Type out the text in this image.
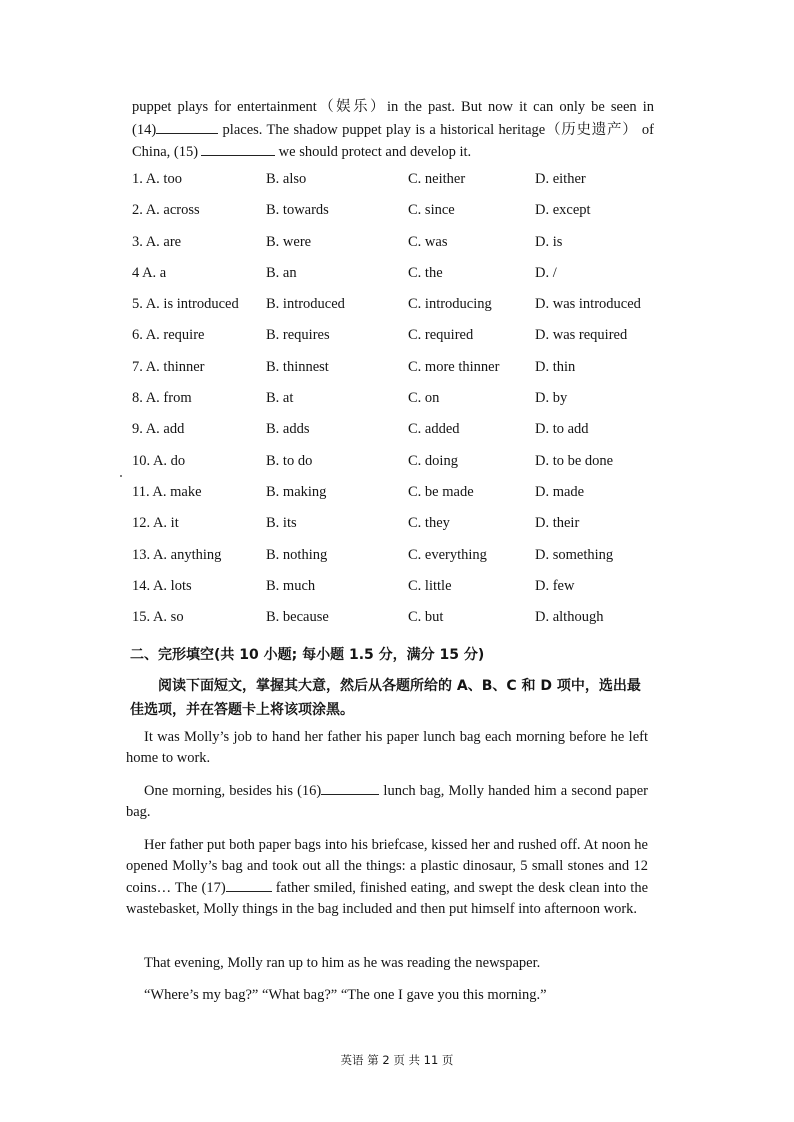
puppet plays for entertainment（娱乐）in the past. But now it can only be seen in
(14)	places. The shadow puppet play is a historical heritage（历史遗产） of
China, (15)	we should protect and develop it.
1. A. too	B. also	C. neither	D. either
2. A. across	B. towards	C. since	D. except
3. A. are	B. were	C. was	D. is
4 A. a	B. an	C. the	D. /
5. A. is introduced B. introduced	C. introducing	D. was introduced
6. A. require	B. requires	C. required	D. was required
7. A. thinner	B. thinnest	C. more thinner D. thin
8. A. from	B. at	C. on	D. by
9. A. add	B. adds	C. added	D. to add
10. A. do	B. to do	C. doing	D. to be done
11. A. make	B. making	C. be made	D. made
12. A. it	B. its	C. they	D. their
13. A. anything	B. nothing	C. everything	D. something
14. A. lots	B. much	C. little	D. few
15. A. so	B. because	C. but	D. although
二、完形填空(共 10 小题; 每小题 1.5 分，满分 15 分)
阅读下面短文，掌握其大意，然后从各题所给的 A、B、C 和 D 项中，选出最佳选项，并在答题卡上将该项涂黑。
It was Molly’s job to hand her father his paper lunch bag each morning before he left home to work.
One morning, besides his (16)	lunch bag, Molly handed him a second paper bag.
Her father put both paper bags into his briefcase, kissed her and rushed off. At noon he opened Molly’s bag and took out all the things: a plastic dinosaur, 5 small stones and 12 coins… The (17)	father smiled, finished eating, and swept the desk clean into the wastebasket, Molly things in the bag included and then put himself into afternoon work.
That evening, Molly ran up to him as he was reading the newspaper.
“Where’s my bag?” “What bag?” “The one I gave you this morning.”
英语 第 2 页 共 11 页
